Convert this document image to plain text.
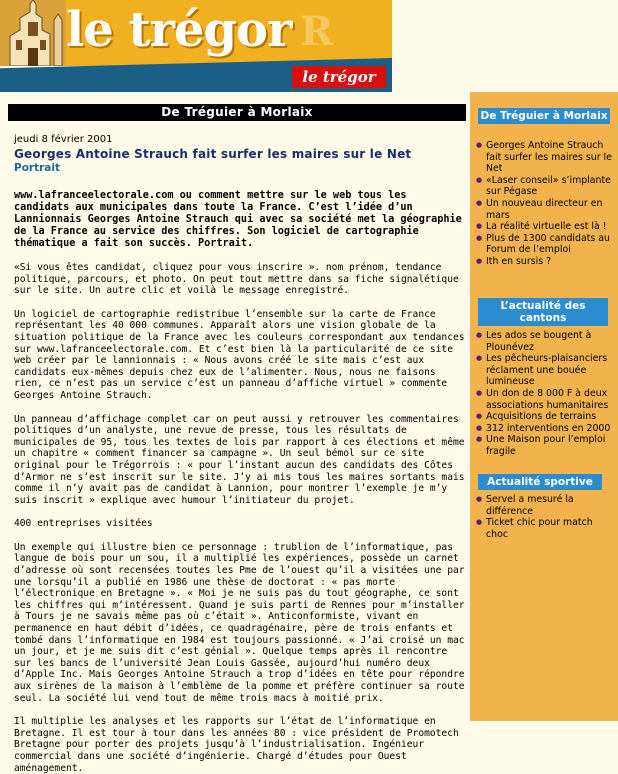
le trégor R
le trégor
De Tréguier à Morlaix
jeudi 8 février 2001
Georges Antoine Strauch fait surfer les maires sur le Net
Portrait
www.lafranceelectorale.com ou comment mettre sur le web tous les candidats aux municipales dans toute la France. C’est l’idée d’un Lannionnais Georges Antoine Strauch qui avec sa société met la géographie de la France au service des chiffres. Son logiciel de cartographie thématique a fait son succès. Portrait.
«Si vous êtes candidat, cliquez pour vous inscrire ». nom prénom, tendance politique, parcours, et photo. On peut tout mettre dans sa fiche signalétique sur le site. Un autre clic et voilà le message enregistré.
Un logiciel de cartographie redistribue l’ensemble sur la carte de France représentant les 40 000 communes. Apparaît alors une vision globale de la situation politique de la France avec les couleurs correspondant aux tendances sur www.lafranceelectorale.com. Et c’est bien là la particularité de ce site web créer par le lannionnais : « Nous avons créé le site mais c’est aux candidats eux-mêmes depuis chez eux de l’alimenter. Nous, nous ne faisons rien, ce n’est pas un service c’est un panneau d’affiche virtuel » commente Georges Antoine Strauch.
Un panneau d’affichage complet car on peut aussi y retrouver les commentaires politiques d’un analyste, une revue de presse, tous les résultats de municipales de 95, tous les textes de lois par rapport à ces élections et même un chapitre « comment financer sa campagne ». Un seul bémol sur ce site original pour le Trégorrois : « pour l’instant aucun des candidats des Côtes d’Armor ne s’est inscrit sur le site. J’y ai mis tous les maires sortants mais comme il n’y avait pas de candidat à Lannion, pour montrer l’exemple je m’y suis inscrit » explique avec humour l’initiateur du projet.
400 entreprises visitées
Un exemple qui illustre bien ce personnage : trublion de l’informatique, pas langue de bois pour un sou, il a multiplié les expériences, possède un carnet d’adresse où sont recensées toutes les Pme de l’ouest qu’il a visitées une par une lorsqu’il a publié en 1986 une thèse de doctorat : « pas morte l’électronique en Bretagne ». « Moi je ne suis pas du tout géographe, ce sont les chiffres qui m’intéressent. Quand je suis parti de Rennes pour m’installer à Tours je ne savais même pas où c’était ». Anticonformiste, vivant en permanence en haut débit d’idées, ce quadragénaire, père de trois enfants et tombé dans l’informatique en 1984 est toujours passionné. « J’ai croisé un mac un jour, et je me suis dit c’est génial ». Quelque temps après il rencontre sur les bancs de l’université Jean Louis Gassée, aujourd’hui numéro deux d’Apple Inc. Mais Georges Antoine Strauch a trop d’idées en tête pour répondre aux sirènes de la maison à l’emblème de la pomme et préfère continuer sa route seul. La société lui vend tout de même trois macs à moitié prix.
Il multiplie les analyses et les rapports sur l’état de l’informatique en Bretagne. Il est tour à tour dans les années 80 : vice président de Promotech Bretagne pour porter des projets jusqu’à l’industrialisation. Ingénieur commercial dans une société d’ingénierie. Chargé d’études pour Ouest aménagement.
De Tréguier à Morlaix
● Georges Antoine Strauch fait surfer les maires sur le Net
● «Laser conseil» s’implante sur Pégase
● Un nouveau directeur en mars
● La réalité virtuelle est là !
● Plus de 1300 candidats au Forum de l’emploi
● Ith en sursis ?
L’actualité des cantons
● Les ados se bougent à Plounévez
● Les pêcheurs-plaisanciers réclament une bouée lumineuse
● Un don de 8 000 F à deux associations humanitaires
● Acquisitions de terrains
● 312 interventions en 2000
● Une Maison pour l’emploi fragile
Actualité sportive
● Servel a mesuré la différence
● Ticket chic pour match choc
